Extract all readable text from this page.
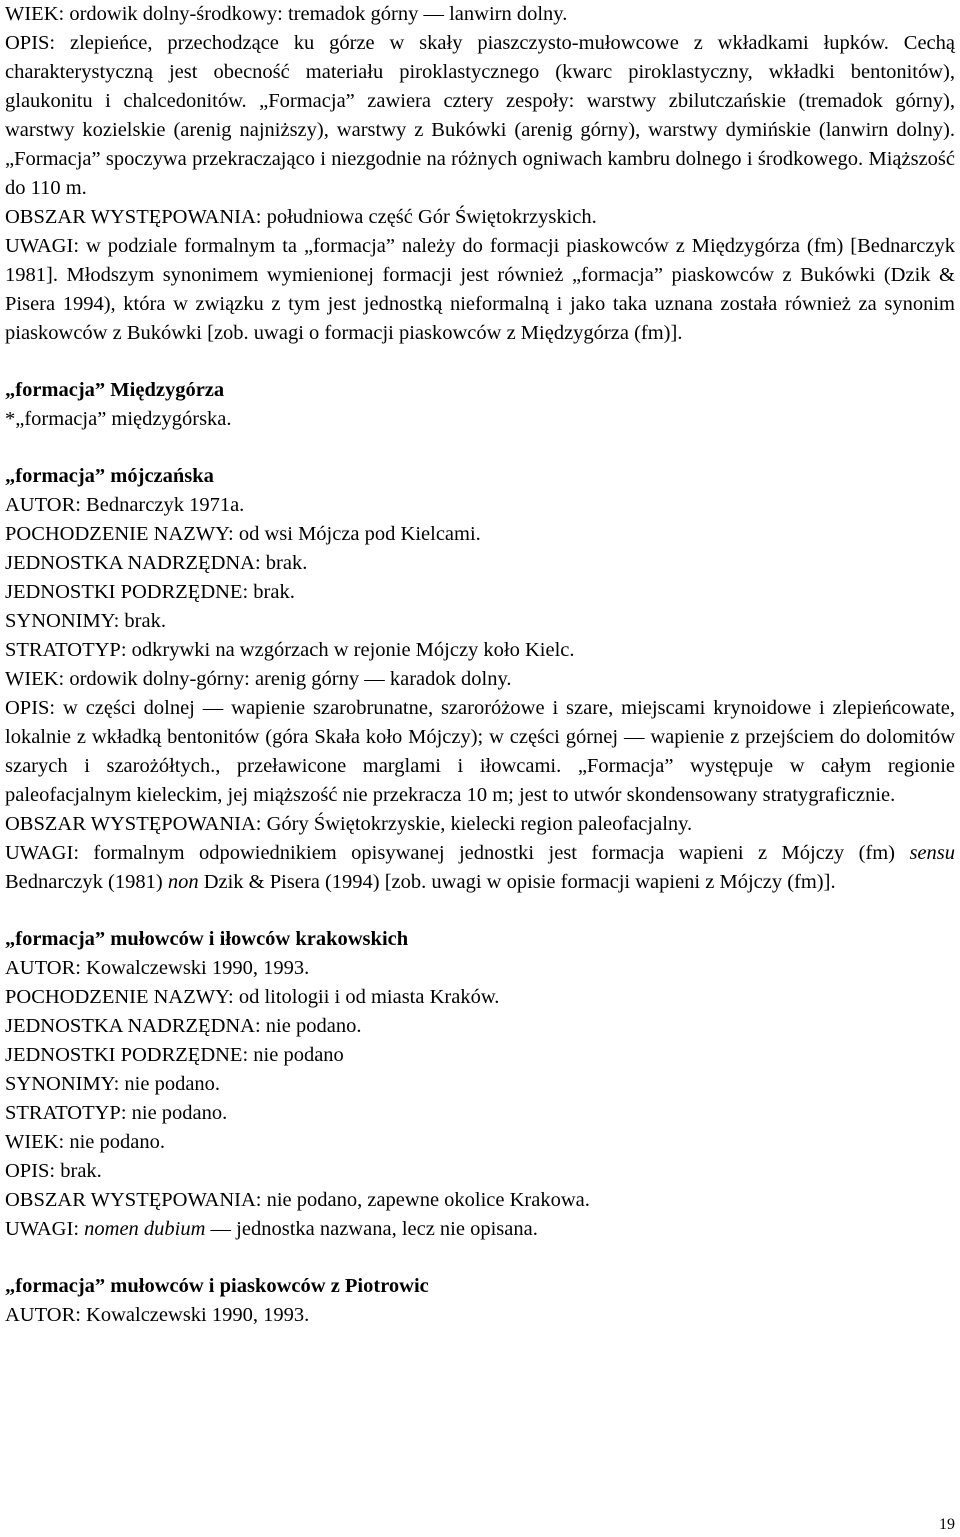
WIEK: ordowik dolny-środkowy: tremadok górny — lanwirn dolny.

OPIS: zlepieńce, przechodzące ku górze w skały piaszczysto-mułowcowe z wkładkami łupków. Cechą charakterystyczną jest obecność materiału piroklastycznego (kwarc piroklastyczny, wkładki bentonitów), glaukonitu i chalcedonitów. „Formacja” zawiera cztery zespoły: warstwy zbilutczańskie (tremadok górny), warstwy kozielskie (arenig najniższy), warstwy z Bukówki (arenig górny), warstwy dymińskie (lanwirn dolny). „Formacja” spoczywa przekraczająco i niezgodnie na różnych ogniwach kambru dolnego i środkowego. Miąższość do 110 m.

OBSZAR WYSTĘPOWANIA: południowa część Gór Świętokrzyskich.

UWAGI: w podziale formalnym ta „formacja” należy do formacji piaskowców z Międzygórza (fm) [Bednarczyk 1981]. Młodszym synonimem wymienionej formacji jest również „formacja” piaskowców z Bukówki (Dzik & Pisera 1994), która w związku z tym jest jednostką nieformalną i jako taka uznana została również za synonim piaskowców z Bukówki [zob. uwagi o formacji piaskowców z Międzygórza (fm)].

„formacja” Międzygórza

*„formacja” międzygórska.

„formacja” mójczańska

AUTOR: Bednarczyk 1971a.

POCHODZENIE NAZWY: od wsi Mójcza pod Kielcami.

JEDNOSTKA NADRZĘDNA: brak.

JEDNOSTKI PODRZĘDNE: brak.

SYNONIMY: brak.

STRATOTYP: odkrywki na wzgórzach w rejonie Mójczy koło Kielc.

WIEK: ordowik dolny-górny: arenig górny — karadok dolny.

OPIS: w części dolnej — wapienie szarobrunatne, szaroróżowe i szare, miejscami krynoidowe i zlepieńcowate, lokalnie z wkładką bentonitów (góra Skała koło Mójczy); w części górnej — wapienie z przejściem do dolomitów szarych i szarożółtych., przeławicone marglami i iłowcami. „Formacja” występuje w całym regionie paleofacjalnym kieleckim, jej miąższość nie przekracza 10 m; jest to utwór skondensowany stratygraficznie.

OBSZAR WYSTĘPOWANIA: Góry Świętokrzyskie, kielecki region paleofacjalny.

UWAGI: formalnym odpowiednikiem opisywanej jednostki jest formacja wapieni z Mójczy (fm) sensu Bednarczyk (1981) non Dzik & Pisera (1994) [zob. uwagi w opisie formacji wapieni z Mójczy (fm)].

„formacja” mułowców i iłowców krakowskich

AUTOR: Kowalczewski 1990, 1993.

POCHODZENIE NAZWY: od litologii i od miasta Kraków.

JEDNOSTKA NADRZĘDNA: nie podano.

JEDNOSTKI PODRZĘDNE: nie podano

SYNONIMY: nie podano.

STRATOTYP: nie podano.

WIEK: nie podano.

OPIS: brak.

OBSZAR WYSTĘPOWANIA: nie podano, zapewne okolice Krakowa.

UWAGI: nomen dubium — jednostka nazwana, lecz nie opisana.

„formacja” mułowców i piaskowców z Piotrowic

AUTOR: Kowalczewski 1990, 1993.

19
